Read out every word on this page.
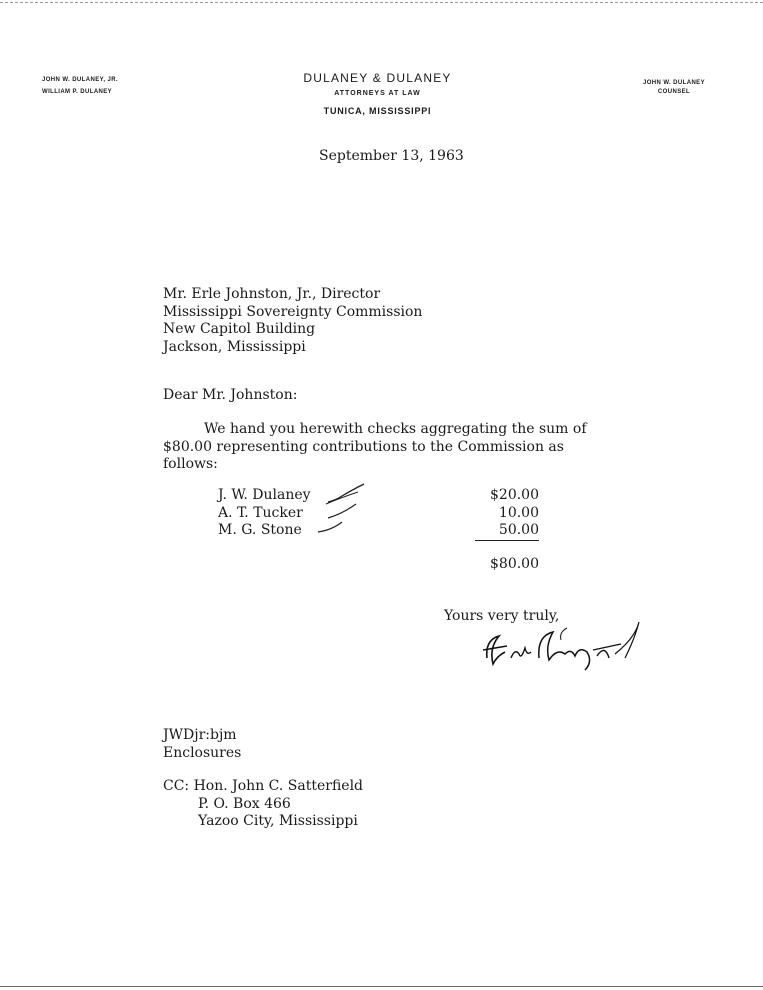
JOHN W. DULANEY, JR.
WILLIAM P. DULANEY
DULANEY & DULANEY
ATTORNEYS AT LAW
TUNICA, MISSISSIPPI
JOHN W. DULANEY
COUNSEL
September 13, 1963
Mr. Erle Johnston, Jr., Director
Mississippi Sovereignty Commission
New Capitol Building
Jackson, Mississippi
Dear Mr. Johnston:
We hand you herewith checks aggregating the sum of
$80.00 representing contributions to the Commission as
follows:
J. W. Dulaney
A. T. Tucker
M. G. Stone
$20.00
10.00
50.00
$80.00
Yours very truly,
JWDjr:bjm
Enclosures
CC: Hon. John C. Satterfield
P. O. Box 466
Yazoo City, Mississippi
